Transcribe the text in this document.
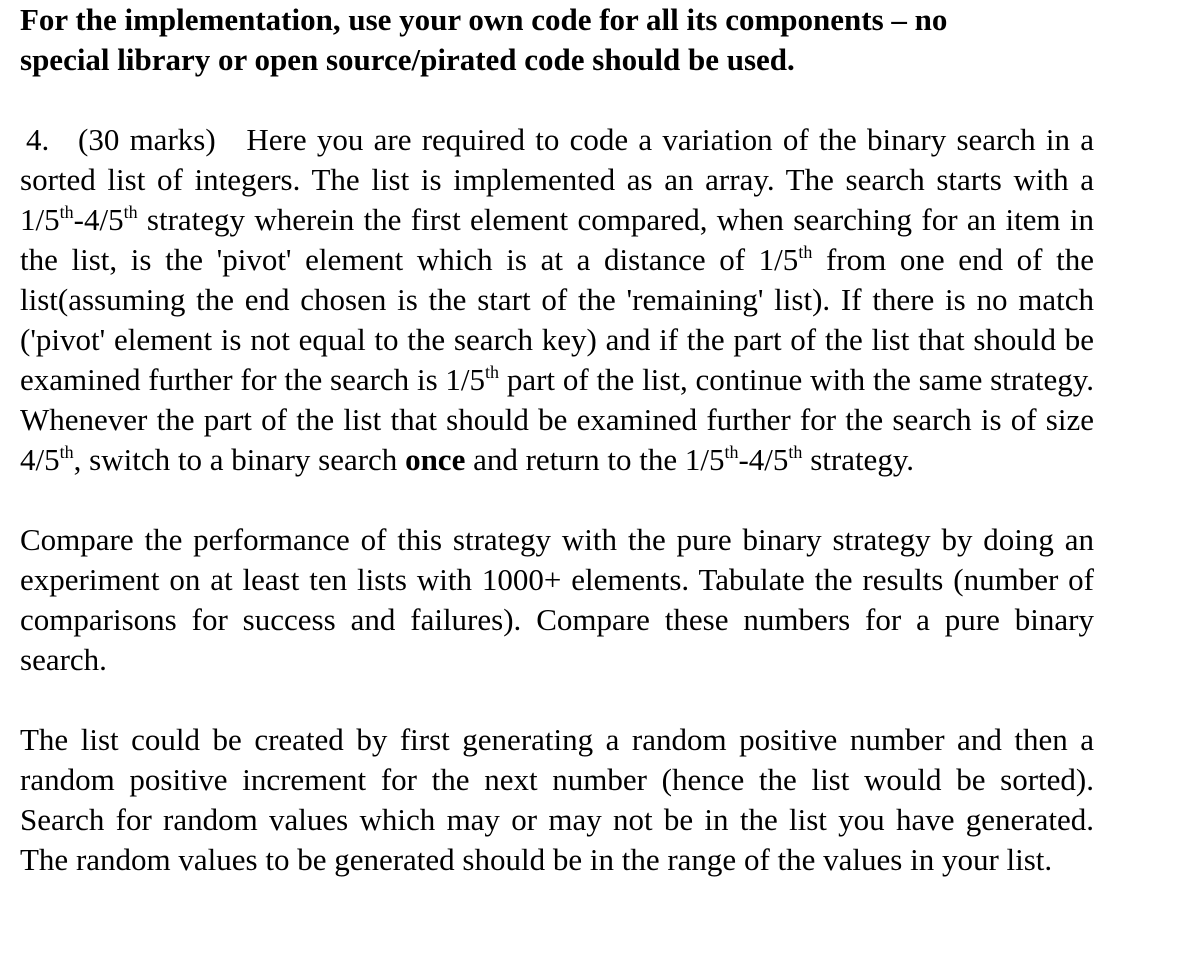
For the implementation, use your own code for all its components – no
special library or open source/pirated code should be used.

4. (30 marks) Here you are required to code a variation of the binary search in a sorted list of integers. The list is implemented as an array. The search starts with a 1/5th-4/5th strategy wherein the first element compared, when searching for an item in the list, is the 'pivot' element which is at a distance of 1/5th from one end of the list(assuming the end chosen is the start of the 'remaining' list). If there is no match ('pivot' element is not equal to the search key) and if the part of the list that should be examined further for the search is 1/5th part of the list, continue with the same strategy. Whenever the part of the list that should be examined further for the search is of size 4/5th, switch to a binary search once and return to the 1/5th-4/5th strategy.

Compare the performance of this strategy with the pure binary strategy by doing an experiment on at least ten lists with 1000+ elements. Tabulate the results (number of comparisons for success and failures). Compare these numbers for a pure binary search.

The list could be created by first generating a random positive number and then a random positive increment for the next number (hence the list would be sorted). Search for random values which may or may not be in the list you have generated. The random values to be generated should be in the range of the values in your list.
